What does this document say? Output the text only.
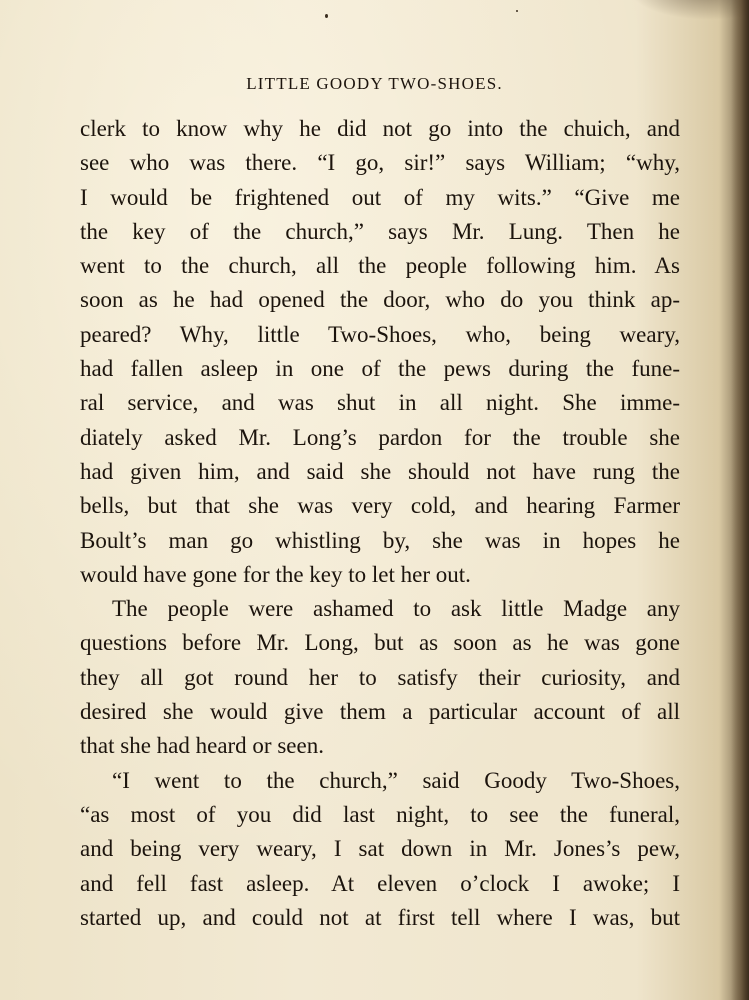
LITTLE GOODY TWO-SHOES.
clerk to know why he did not go into the chuich, and
see who was there. “I go, sir!” says William; “why,
I would be frightened out of my wits.” “Give me
the key of the church,” says Mr. Lung. Then he
went to the church, all the people following him. As
soon as he had opened the door, who do you think ap-
peared? Why, little Two-Shoes, who, being weary,
had fallen asleep in one of the pews during the fune-
ral service, and was shut in all night. She imme-
diately asked Mr. Long’s pardon for the trouble she
had given him, and said she should not have rung the
bells, but that she was very cold, and hearing Farmer
Boult’s man go whistling by, she was in hopes he
would have gone for the key to let her out.
The people were ashamed to ask little Madge any
questions before Mr. Long, but as soon as he was gone
they all got round her to satisfy their curiosity, and
desired she would give them a particular account of all
that she had heard or seen.
“I went to the church,” said Goody Two-Shoes,
“as most of you did last night, to see the funeral,
and being very weary, I sat down in Mr. Jones’s pew,
and fell fast asleep. At eleven o’clock I awoke; I
started up, and could not at first tell where I was, but
